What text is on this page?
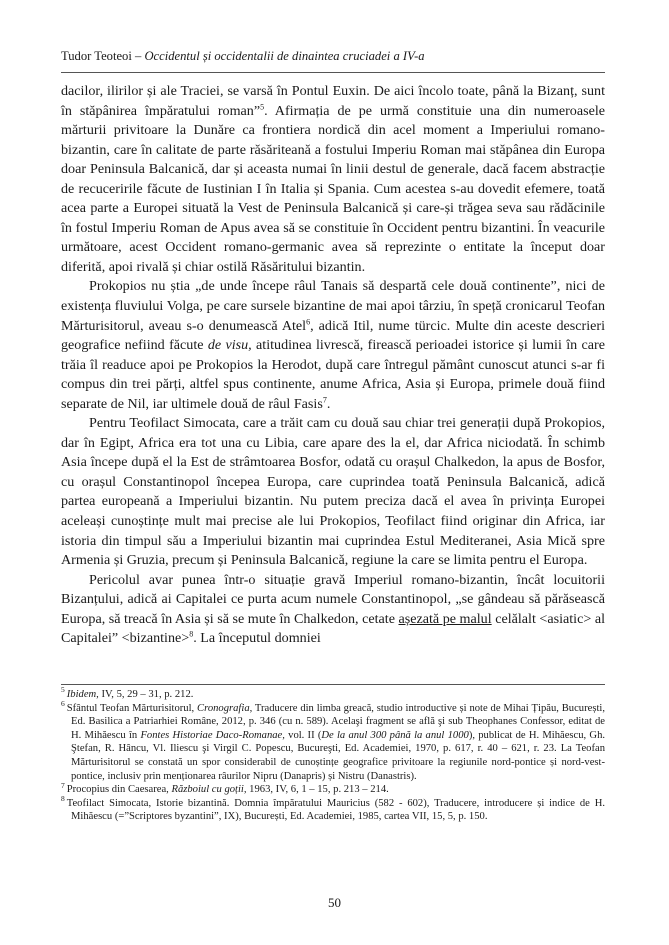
Tudor Teoteoi – Occidentul și occidentalii de dinaintea cruciadei a IV-a

dacilor, ilirilor și ale Traciei, se varsă în Pontul Euxin. De aici încolo toate, până la Bizanț, sunt în stăpânirea împăratului roman”$^5$. Afirmația de pe urmă constituie una din numeroasele mărturii privitoare la Dunăre ca frontiera nordică din acel moment a Imperiului romano-bizantin, care în calitate de parte răsăriteană a fostului Imperiu Roman mai stăpânea din Europa doar Peninsula Balcanică, dar și aceasta numai în linii destul de generale, dacă facem abstracție de recuceririle făcute de Iustinian I în Italia și Spania. Cum acestea s-au dovedit efemere, toată acea parte a Europei situată la Vest de Peninsula Balcanică și care-și trăgea seva sau rădăcinile în fostul Imperiu Roman de Apus avea să se constituie în Occident pentru bizantini. În veacurile următoare, acest Occident romano-germanic avea să reprezinte o entitate la început doar diferită, apoi rivală și chiar ostilă Răsăritului bizantin.

Prokopios nu știa „de unde începe râul Tanais să despartă cele două continente”, nici de existența fluviului Volga, pe care sursele bizantine de mai apoi târziu, în speță cronicarul Teofan Mărturisitorul, aveau s-o denumească Atel$^6$, adică Itil, nume türcic. Multe din aceste descrieri geografice nefiind făcute de visu, atitudinea livrescă, firească perioadei istorice și lumii în care trăia îl readuce apoi pe Prokopios la Herodot, după care întregul pământ cunoscut atunci s-ar fi compus din trei părți, altfel spus continente, anume Africa, Asia și Europa, primele două fiind separate de Nil, iar ultimele două de râul Fasis$^7$.

Pentru Teofilact Simocata, care a trăit cam cu două sau chiar trei generații după Prokopios, dar în Egipt, Africa era tot una cu Libia, care apare des la el, dar Africa niciodată. În schimb Asia începe după el la Est de strâmtoarea Bosfor, odată cu orașul Chalkedon, la apus de Bosfor, cu orașul Constantinopol începea Europa, care cuprindea toată Peninsula Balcanică, adică partea europeană a Imperiului bizantin. Nu putem preciza dacă el avea în privința Europei aceleași cunoștințe mult mai precise ale lui Prokopios, Teofilact fiind originar din Africa, iar istoria din timpul său a Imperiului bizantin mai cuprindea Estul Mediteranei, Asia Mică spre Armenia și Gruzia, precum și Peninsula Balcanică, regiune la care se limita pentru el Europa.

Pericolul avar punea într-o situație gravă Imperiul romano-bizantin, încât locuitorii Bizanțului, adică ai Capitalei ce purta acum numele Constantinopol, „se gândeau să părăsească Europa, să treacă în Asia și să se mute în Chalkedon, cetate așezată pe malul celălalt <asiatic> al Capitalei” <bizantine>$^8$. La începutul domniei

$^5$ Ibidem, IV, 5, 29 – 31, p. 212.

$^6$ Sfântul Teofan Mărturisitorul, Cronografia, Traducere din limba greacă, studio introductive și note de Mihai Țipău, București, Ed. Basilica a Patriarhiei Române, 2012, p. 346 (cu n. 589). Acelaşi fragment se află şi sub Theophanes Confessor, editat de H. Mihăescu în Fontes Historiae Daco-Romanae, vol. II (De la anul 300 până la anul 1000), publicat de H. Mihăescu, Gh. Ştefan, R. Hâncu, Vl. Iliescu şi Virgil C. Popescu, Bucureşti, Ed. Academiei, 1970, p. 617, r. 40 – 621, r. 23. La Teofan Mărturisitorul se constată un spor considerabil de cunoștințe geografice privitoare la regiunile nord-pontice și nord-vest-pontice, inclusiv prin menționarea râurilor Nipru (Danapris) și Nistru (Danastris).

$^7$ Procopius din Caesarea, Războiul cu goții, 1963, IV, 6, 1 – 15, p. 213 – 214.

$^8$ Teofilact Simocata, Istorie bizantină. Domnia împăratului Mauricius (582 - 602), Traducere, introducere și indice de H. Mihăescu (=”Scriptores byzantini”, IX), București, Ed. Academiei, 1985, cartea VII, 15, 5, p. 150.

50
